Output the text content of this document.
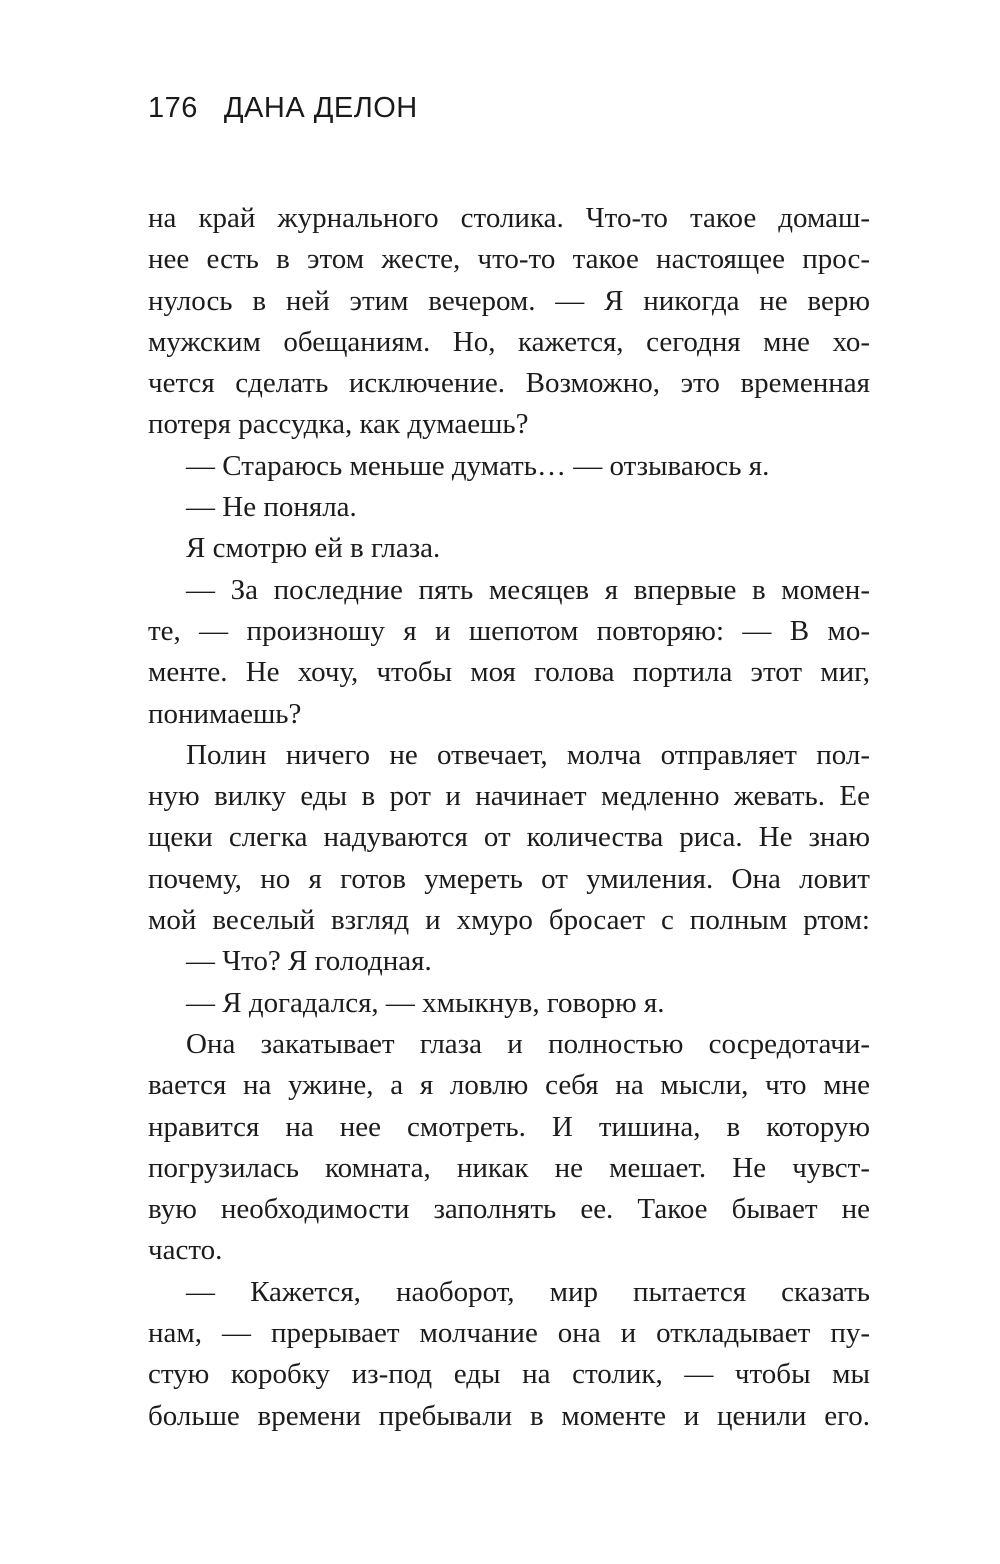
176 ДАНА ДЕЛОН
на край журнального столика. Что-то такое домаш-
нее есть в этом жесте, что-то такое настоящее прос-
нулось в ней этим вечером. — Я никогда не верю
мужским обещаниям. Но, кажется, сегодня мне хо-
чется сделать исключение. Возможно, это временная
потеря рассудка, как думаешь?
— Стараюсь меньше думать… — отзываюсь я.
— Не поняла.
Я смотрю ей в глаза.
— За последние пять месяцев я впервые в момен-
те, — произношу я и шепотом повторяю: — В мо-
менте. Не хочу, чтобы моя голова портила этот миг,
понимаешь?
Полин ничего не отвечает, молча отправляет пол-
ную вилку еды в рот и начинает медленно жевать. Ее
щеки слегка надуваются от количества риса. Не знаю
почему, но я готов умереть от умиления. Она ловит
мой веселый взгляд и хмуро бросает с полным ртом:
— Что? Я голодная.
— Я догадался, — хмыкнув, говорю я.
Она закатывает глаза и полностью сосредотачи-
вается на ужине, а я ловлю себя на мысли, что мне
нравится на нее смотреть. И тишина, в которую
погрузилась комната, никак не мешает. Не чувст-
вую необходимости заполнять ее. Такое бывает не
часто.
— Кажется, наоборот, мир пытается сказать
нам, — прерывает молчание она и откладывает пу-
стую коробку из-под еды на столик, — чтобы мы
больше времени пребывали в моменте и ценили его.
